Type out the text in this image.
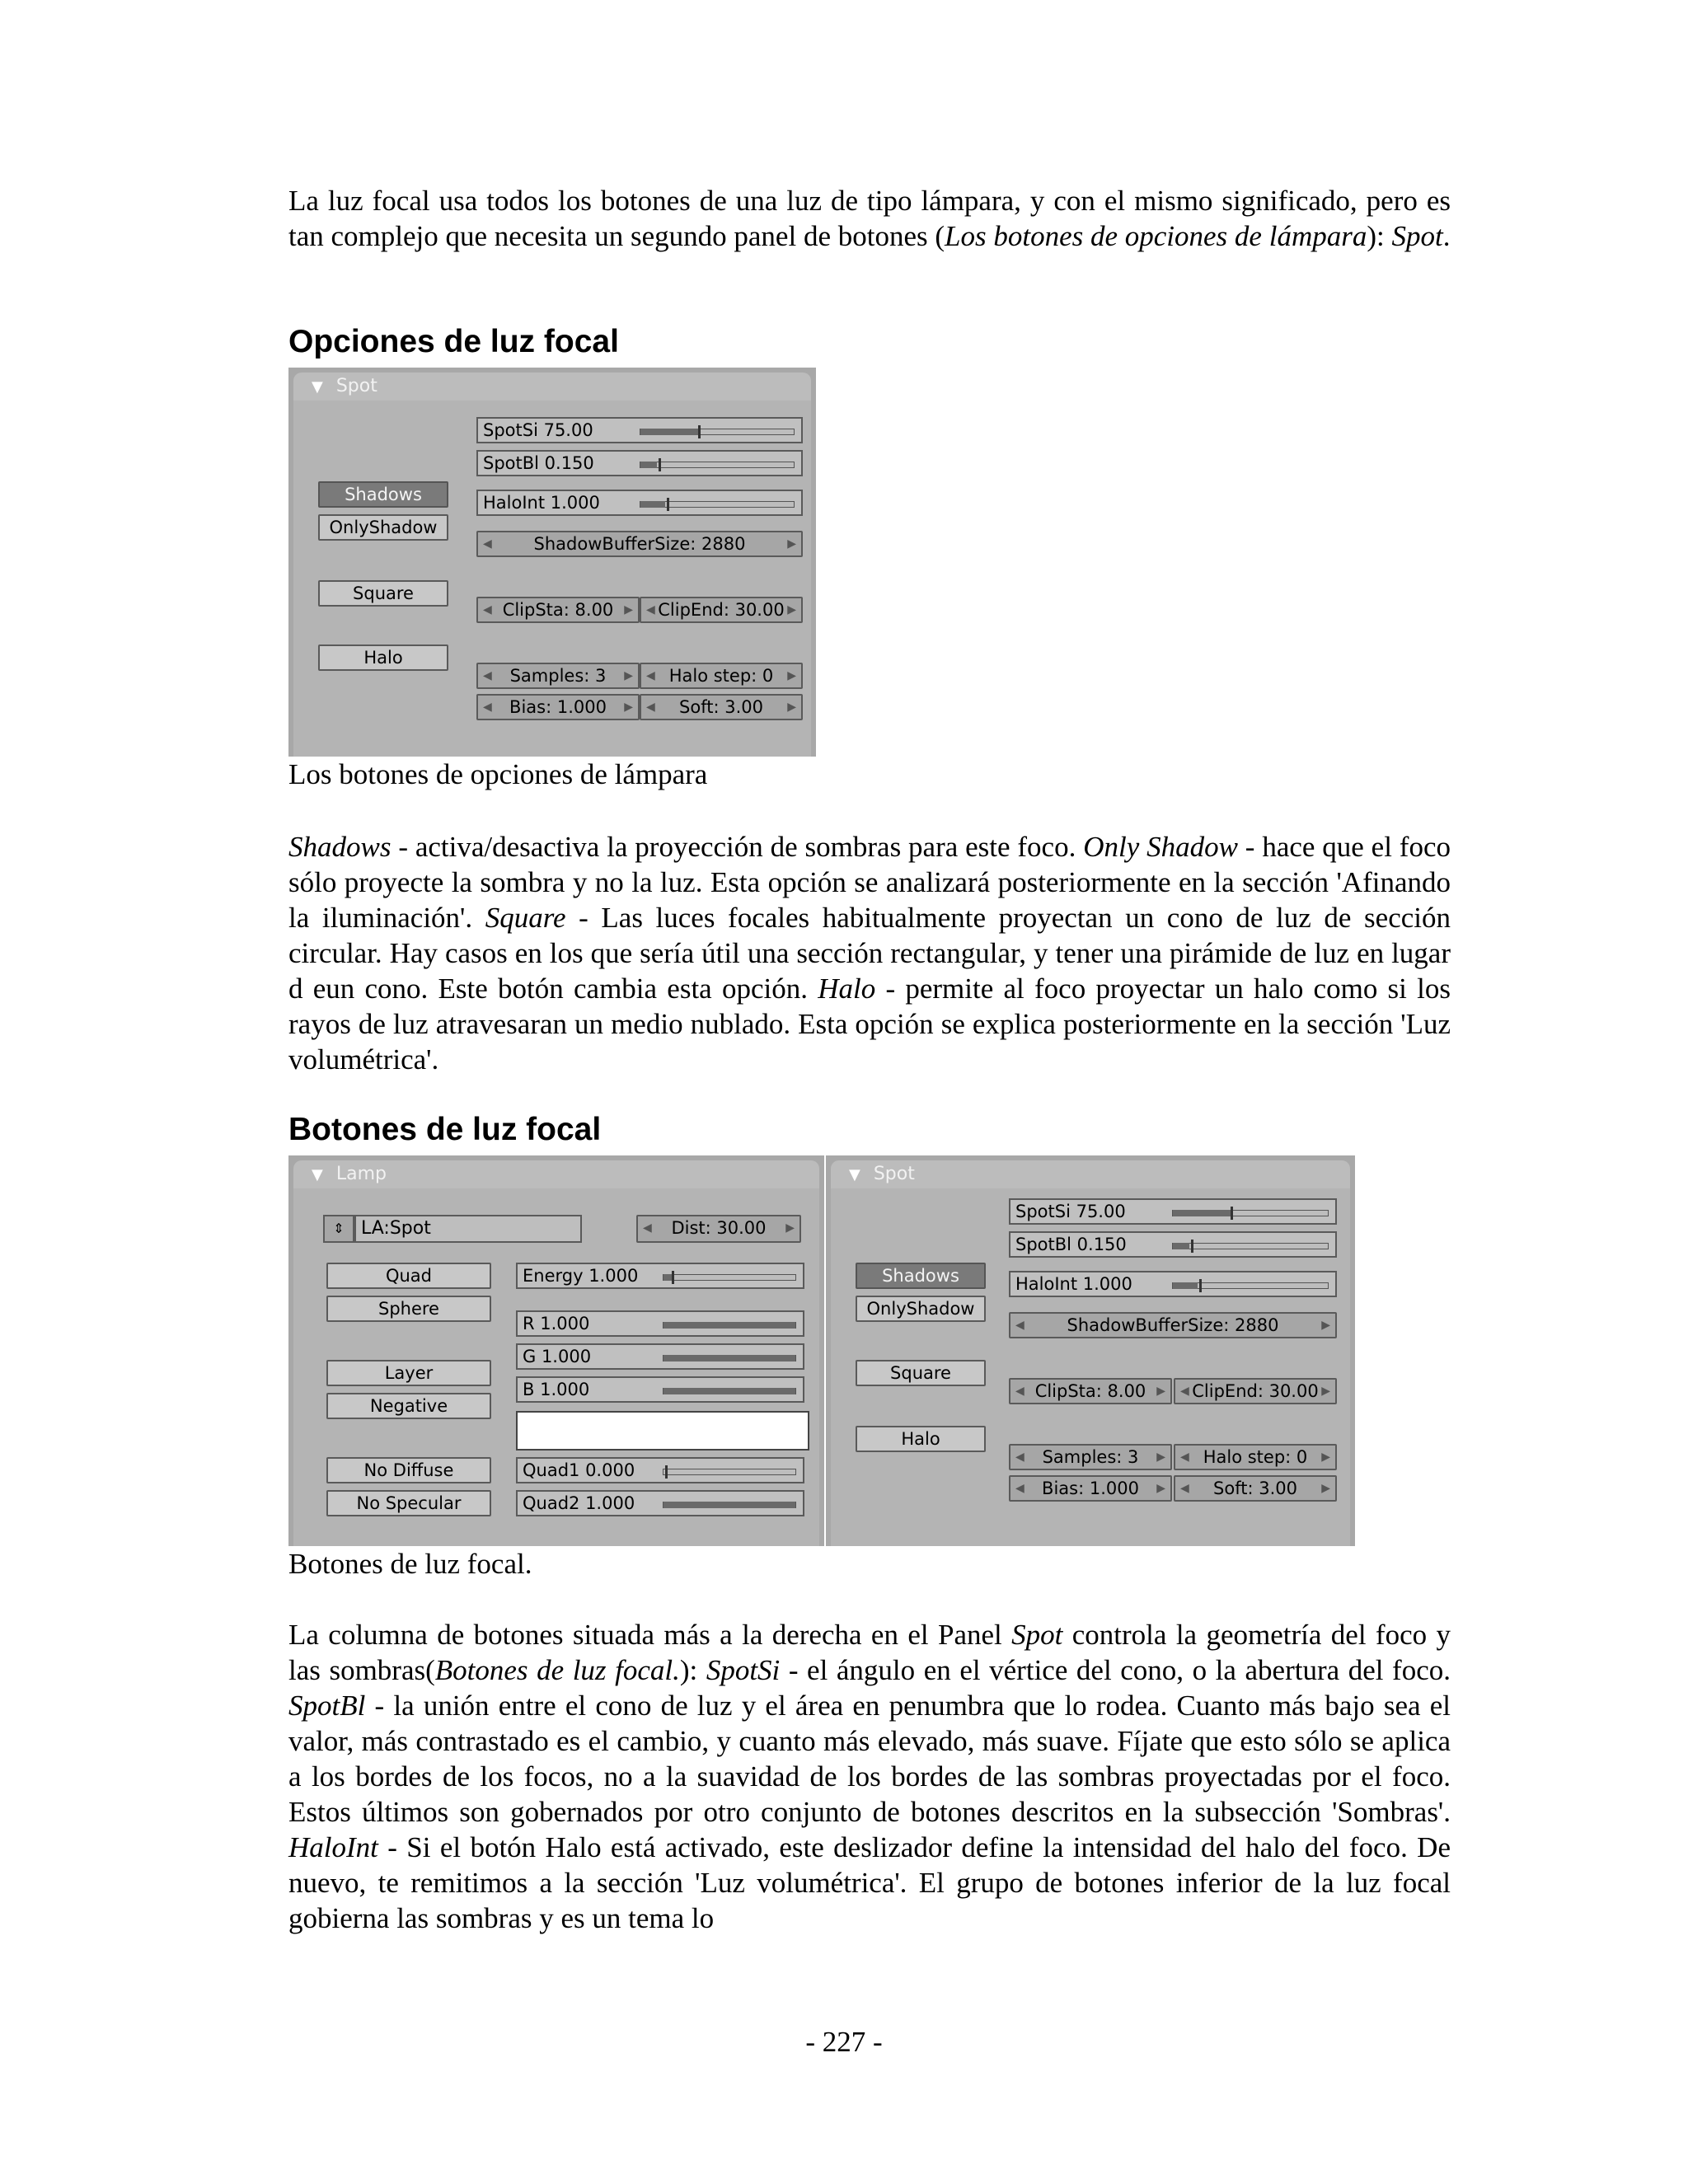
La luz focal usa todos los botones de una luz de tipo lámpara, y con el mismo significado, pero es tan complejo que necesita un segundo panel de botones (Los botones de opciones de lámpara): Spot.

Opciones de luz focal
▼ Spot
Shadows
OnlyShadow
Square
Halo
SpotSi 75.00
SpotBl 0.150
HaloInt 1.000
◀ ShadowBufferSize: 2880	▶
◀ ClipSta: 8.00 ▶ ◀ ClipEnd: 30.00 ▶
◀ Samples: 3 ▶ ◀ Halo step: 0 ▶
◀ Bias: 1.000 ▶ ◀ Soft: 3.00 ▶

Los botones de opciones de lámpara

Shadows - activa/desactiva la proyección de sombras para este foco. Only Shadow - hace que el foco sólo proyecte la sombra y no la luz. Esta opción se analizará posteriormente en la sección 'Afinando la iluminación'. Square - Las luces focales habitualmente proyectan un cono de luz de sección circular. Hay casos en los que sería útil una sección rectangular, y tener una pirámide de luz en lugar d eun cono. Este botón cambia esta opción. Halo - permite al foco proyectar un halo como si los rayos de luz atravesaran un medio nublado. Esta opción se explica posteriormente en la sección 'Luz volumétrica'.

Botones de luz focal
▼ Lamp
⇕ LA:Spot	◀ Dist: 30.00 ▶
Quad
Sphere
Layer
Negative
No Diffuse
No Specular
Energy 1.000
R 1.000
G 1.000
B 1.000
Quad1 0.000
Quad2 1.000
▼ Spot
Shadows
OnlyShadow
Square
Halo
SpotSi 75.00
SpotBl 0.150
HaloInt 1.000
◀ ShadowBufferSize: 2880	▶
◀ ClipSta: 8.00 ▶ ◀ ClipEnd: 30.00 ▶
◀ Samples: 3 ▶ ◀ Halo step: 0 ▶
◀ Bias: 1.000 ▶ ◀ Soft: 3.00 ▶

Botones de luz focal.

La columna de botones situada más a la derecha en el Panel Spot controla la geometría del foco y las sombras(Botones de luz focal.): SpotSi - el ángulo en el vértice del cono, o la abertura del foco. SpotBl - la unión entre el cono de luz y el área en penumbra que lo rodea. Cuanto más bajo sea el valor, más contrastado es el cambio, y cuanto más elevado, más suave. Fíjate que esto sólo se aplica a los bordes de los focos, no a la suavidad de los bordes de las sombras proyectadas por el foco. Estos últimos son gobernados por otro conjunto de botones descritos en la subsección 'Sombras'. HaloInt - Si el botón Halo está activado, este deslizador define la intensidad del halo del foco. De nuevo, te remitimos a la sección 'Luz volumétrica'. El grupo de botones inferior de la luz focal gobierna las sombras y es un tema lo

- 227 -
